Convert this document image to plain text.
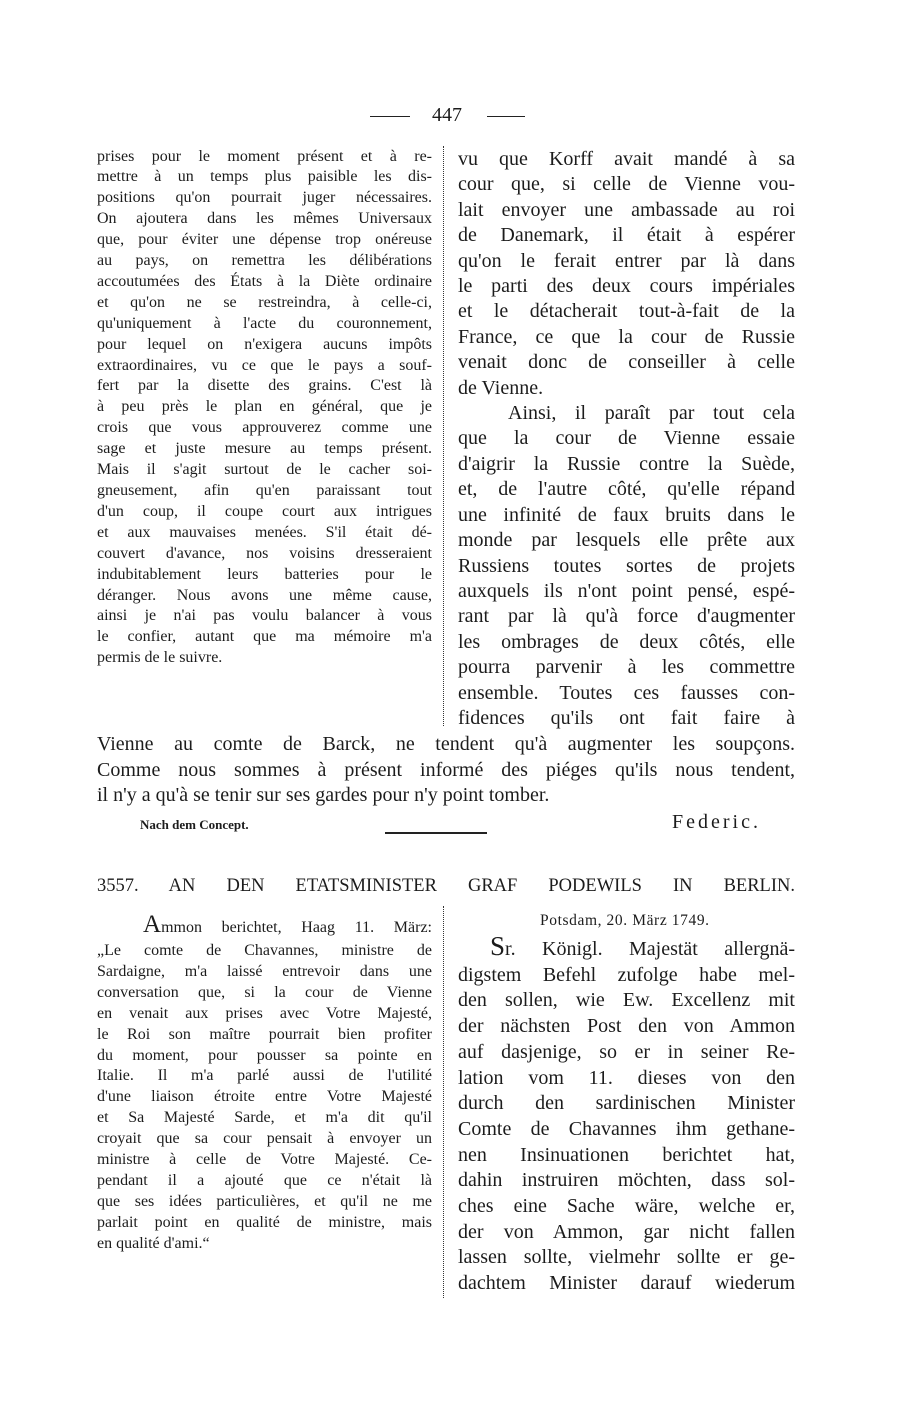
447
prises pour le moment présent et à re-
mettre à un temps plus paisible les dis-
positions qu'on pourrait juger nécessaires.
On ajoutera dans les mêmes Universaux
que, pour éviter une dépense trop onéreuse
au pays, on remettra les délibérations
accoutumées des États à la Diète ordinaire
et qu'on ne se restreindra, à celle-ci,
qu'uniquement à l'acte du couronnement,
pour lequel on n'exigera aucuns impôts
extraordinaires, vu ce que le pays a souf-
fert par la disette des grains. C'est là
à peu près le plan en général, que je
crois que vous approuverez comme une
sage et juste mesure au temps présent.
Mais il s'agit surtout de le cacher soi-
gneusement, afin qu'en paraissant tout
d'un coup, il coupe court aux intrigues
et aux mauvaises menées. S'il était dé-
couvert d'avance, nos voisins dresseraient
indubitablement leurs batteries pour le
déranger. Nous avons une même cause,
ainsi je n'ai pas voulu balancer à vous
le confier, autant que ma mémoire m'a
permis de le suivre.
vu que Korff avait mandé à sa
cour que, si celle de Vienne vou-
lait envoyer une ambassade au roi
de Danemark, il était à espérer
qu'on le ferait entrer par là dans
le parti des deux cours impériales
et le détacherait tout-à-fait de la
France, ce que la cour de Russie
venait donc de conseiller à celle
de Vienne.
Ainsi, il paraît par tout cela
que la cour de Vienne essaie
d'aigrir la Russie contre la Suède,
et, de l'autre côté, qu'elle répand
une infinité de faux bruits dans le
monde par lesquels elle prête aux
Russiens toutes sortes de projets
auxquels ils n'ont point pensé, espé-
rant par là qu'à force d'augmenter
les ombrages de deux côtés, elle
pourra parvenir à les commettre
ensemble. Toutes ces fausses con-
fidences qu'ils ont fait faire à
Vienne au comte de Barck, ne tendent qu'à augmenter les soupçons.
Comme nous sommes à présent informé des piéges qu'ils nous tendent,
il n'y a qu'à se tenir sur ses gardes pour n'y point tomber.
Nach dem Concept.	Federic.
3557. AN DEN ETATSMINISTER GRAF PODEWILS IN BERLIN.
Ammon berichtet, Haag 11. März:
„Le comte de Chavannes, ministre de
Sardaigne, m'a laissé entrevoir dans une
conversation que, si la cour de Vienne
en venait aux prises avec Votre Majesté,
le Roi son maître pourrait bien profiter
du moment, pour pousser sa pointe en
Italie. Il m'a parlé aussi de l'utilité
d'une liaison étroite entre Votre Majesté
et Sa Majesté Sarde, et m'a dit qu'il
croyait que sa cour pensait à envoyer un
ministre à celle de Votre Majesté. Ce-
pendant il a ajouté que ce n'était là
que ses idées particulières, et qu'il ne me
parlait point en qualité de ministre, mais
en qualité d'ami.“
Potsdam, 20. März 1749.
Sr. Königl. Majestät allergnä-
digstem Befehl zufolge habe mel-
den sollen, wie Ew. Excellenz mit
der nächsten Post den von Ammon
auf dasjenige, so er in seiner Re-
lation vom 11. dieses von den
durch den sardinischen Minister
Comte de Chavannes ihm gethane-
nen Insinuationen berichtet hat,
dahin instruiren möchten, dass sol-
ches eine Sache wäre, welche er,
der von Ammon, gar nicht fallen
lassen sollte, vielmehr sollte er ge-
dachtem Minister darauf wiederum
